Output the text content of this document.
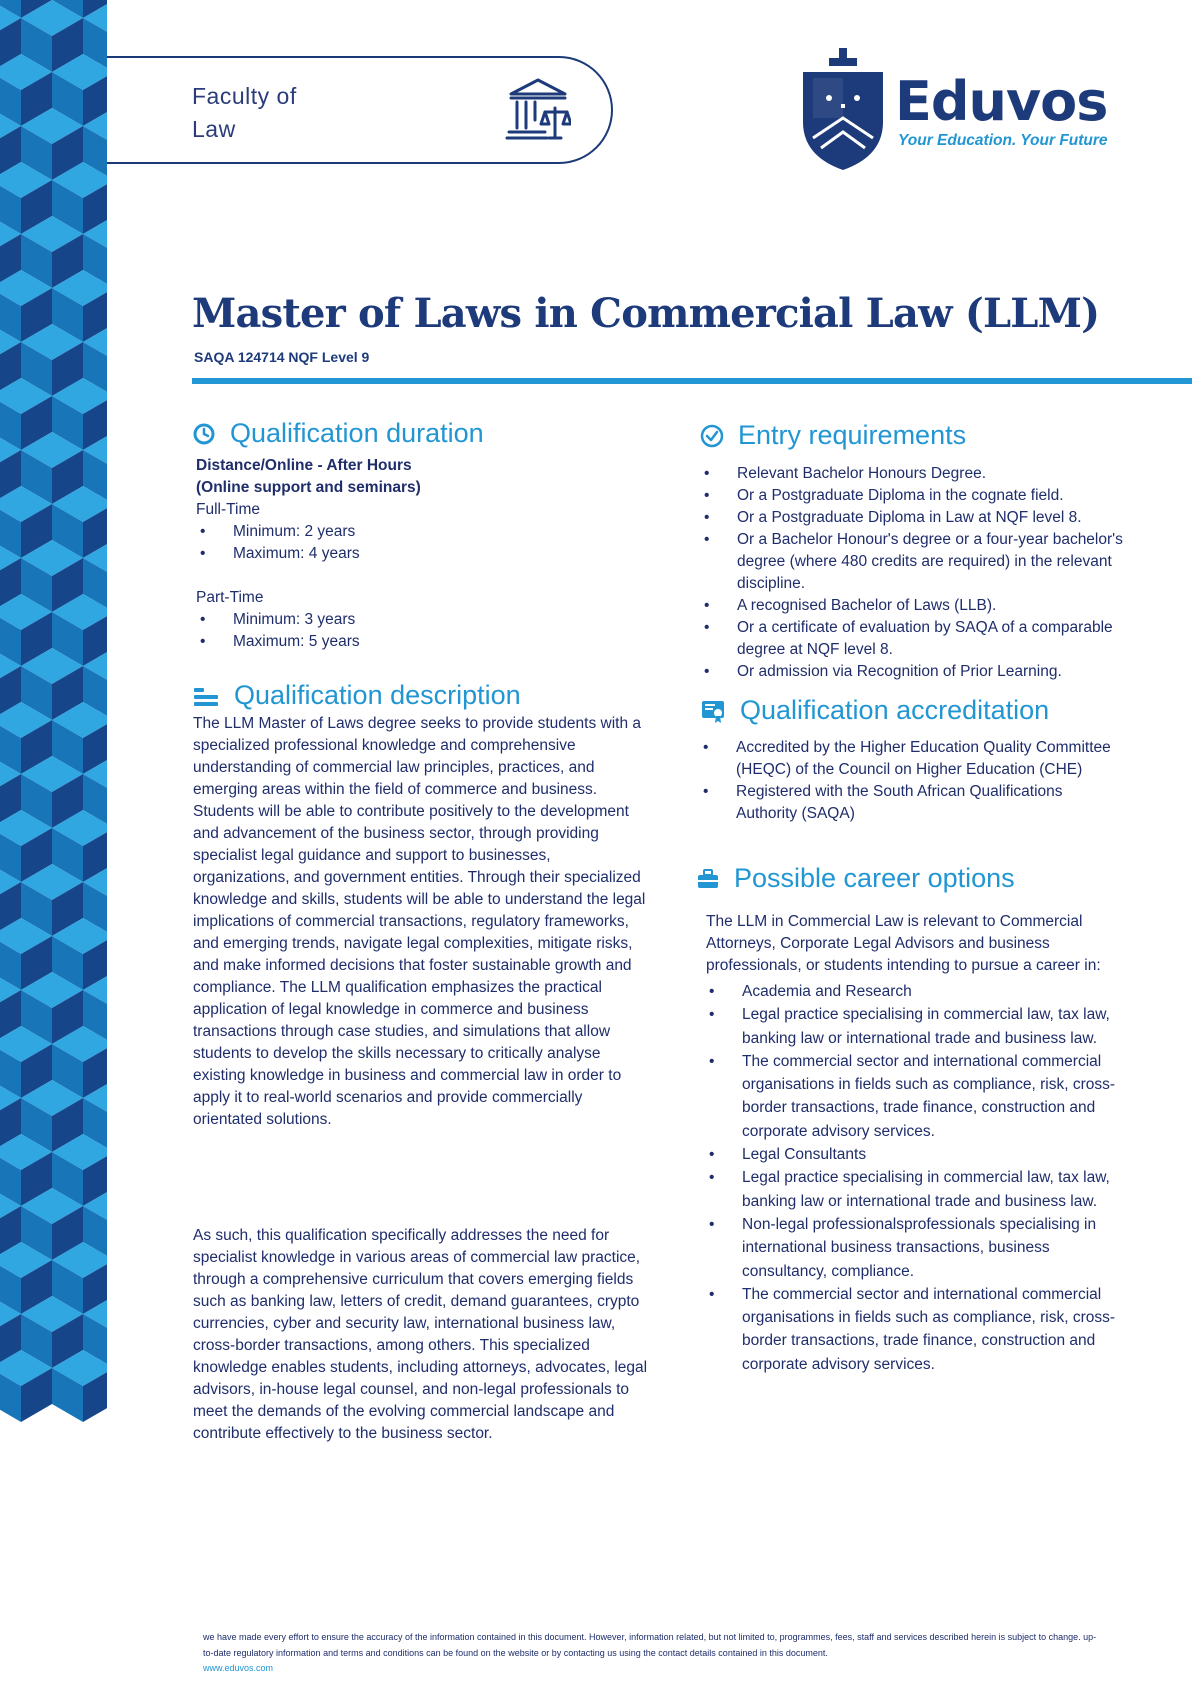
Faculty of
Law	Eduvos
Your Education. Your Future
Master of Laws in Commercial Law (LLM)
SAQA 124714 NQF Level 9
Qualification duration
Distance/Online - After Hours
(Online support and seminars)
Full-Time
• Minimum: 2 years
• Maximum: 4 years
Part-Time
• Minimum: 3 years
• Maximum: 5 years
Qualification description

The LLM Master of Laws degree seeks to provide students with a specialized professional knowledge and comprehensive understanding of commercial law principles, practices, and emerging areas within the field of commerce and business. Students will be able to contribute positively to the development and advancement of the business sector, through providing specialist legal guidance and support to businesses, organizations, and government entities. Through their specialized knowledge and skills, students will be able to understand the legal implications of commercial transactions, regulatory frameworks, and emerging trends, navigate legal complexities, mitigate risks, and make informed decisions that foster sustainable growth and compliance. The LLM qualification emphasizes the practical application of legal knowledge in commerce and business transactions through case studies, and simulations that allow students to develop the skills necessary to critically analyse existing knowledge in business and commercial law in order to apply it to real-world scenarios and provide commercially orientated solutions.

As such, this qualification specifically addresses the need for specialist knowledge in various areas of commercial law practice, through a comprehensive curriculum that covers emerging fields such as banking law, letters of credit, demand guarantees, crypto currencies, cyber and security law, international business law, cross-border transactions, among others. This specialized knowledge enables students, including attorneys, advocates, legal advisors, in-house legal counsel, and non-legal professionals to meet the demands of the evolving commercial landscape and contribute effectively to the business sector.

Entry requirements
• Relevant Bachelor Honours Degree.
• Or a Postgraduate Diploma in the cognate field.
• Or a Postgraduate Diploma in Law at NQF level 8.
• Or a Bachelor Honour's degree or a four-year bachelor's degree (where 480 credits are required) in the relevant discipline.
• A recognised Bachelor of Laws (LLB).
• Or a certificate of evaluation by SAQA of a comparable degree at NQF level 8.
• Or admission via Recognition of Prior Learning.
Qualification accreditation
• Accredited by the Higher Education Quality Committee (HEQC) of the Council on Higher Education (CHE)
• Registered with the South African Qualifications Authority (SAQA)
Possible career options

The LLM in Commercial Law is relevant to Commercial Attorneys, Corporate Legal Advisors and business professionals, or students intending to pursue a career in:

• Academia and Research
• Legal practice specialising in commercial law, tax law, banking law or international trade and business law.
• The commercial sector and international commercial organisations in fields such as compliance, risk, cross-border transactions, trade finance, construction and corporate advisory services.
• Legal Consultants
• Legal practice specialising in commercial law, tax law, banking law or international trade and business law.
• Non-legal professionalsprofessionals specialising in international business transactions, business consultancy, compliance.
• The commercial sector and international commercial organisations in fields such as compliance, risk, cross-border transactions, trade finance, construction and corporate advisory services.
we have made every effort to ensure the accuracy of the information contained in this document. However, information related, but not limited to, programmes, fees, staff and services described herein is subject to change. up-to-date regulatory information and terms and conditions can be found on the website or by contacting us using the contact details contained in this document.
www.eduvos.com
